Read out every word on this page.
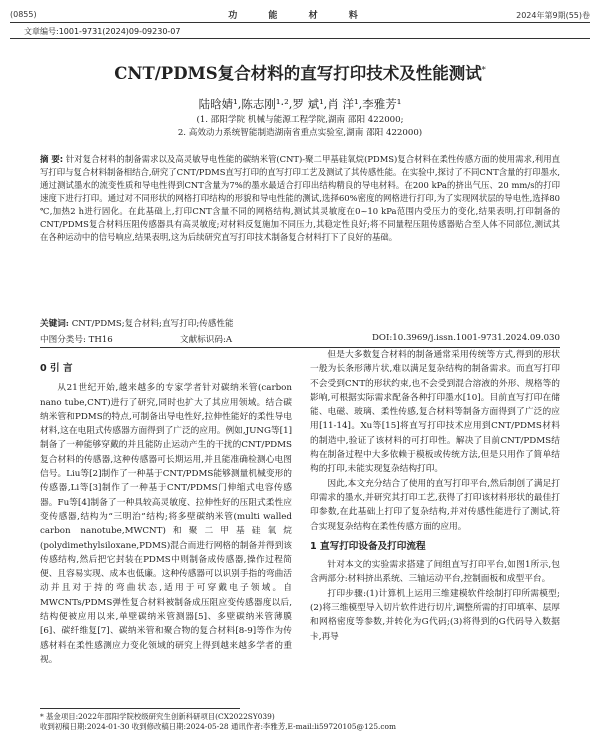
(0855)	功 能 材 料	2024年第9期(55)卷
文章编号:1001-9731(2024)09-09230-07
CNT/PDMS复合材料的直写打印技术及性能测试*
陆晗婧¹,陈志刚¹·²,罗 斌¹,肖 洋¹,李雅芳¹
(1. 邵阳学院 机械与能源工程学院,湖南 邵阳 422000;
2. 高效动力系统智能制造湖南省重点实验室,湖南 邵阳 422000)
摘 要: 针对复合材料的制备需求以及高灵敏导电性能的碳纳米管(CNT)-聚二甲基硅氧烷(PDMS)复合材料在柔性传感方面的使用需求,利用直写打印与复合材料制备相结合,研究了CNT/PDMS直写打印的直写打印工艺及测试了其传感性能。在实验中,探讨了不同CNT含量的打印墨水,通过测试墨水的流变性质和导电性得到CNT含量为7%的墨水最适合打印出结构精良的导电材料。在200 kPa的挤出气压、20 mm/s的打印速度下进行打印。通过对不同形状的网格打印结构的形貌和导电性能的测试,选择60%密度的网格进行打印,为了实现网状层的导电性,选择80 ℃,加热2 h进行固化。在此基础上,打印CNT含量不同的网格结构,测试其灵敏度在0~10 kPa范围内受压力的变化,结果表明,打印制备的CNT/PDMS复合材料压阻传感器具有高灵敏度;对材料反复施加不同压力,其稳定性良好;将不同量程压阻传感器贴合至人体不同部位,测试其在各种运动中的信号响应,结果表明,这为后续研究直写打印技术制备复合材料打下了良好的基础。
关键词: CNT/PDMS;复合材料;直写打印;传感性能
中图分类号: TH16	文献标识码:A	DOI:10.3969/j.issn.1001-9731.2024.09.030
0 引 言

从21世纪开始,越来越多的专家学者针对碳纳米管(carbon nano tube,CNT)进行了研究,同时也扩大了其应用领域。结合碳纳米管和PDMS的特点,可制备出导电性好,拉伸性能好的柔性导电材料,这在电阻式传感器方面得到了广泛的应用。例如,JUNG等[1]制备了一种能够穿戴的并且能防止运动产生的干扰的CNT/PDMS复合材料的传感器,这种传感器可长期运用,并且能准确检测心电图信号。Liu等[2]制作了一种基于CNT/PDMS能够测量机械变形的传感器,Li等[3]制作了一种基于CNT/PDMS门伸缩式电容传感器。Fu等[4]制备了一种具较高灵敏度、拉伸性好的压阻式柔性应变传感器,结构为“三明治”结构;将多壁碳纳米管(multi walled carbon nanotube,MWCNT)和聚二甲基硅氧烷(polydimethylsiloxane,PDMS)混合而进行网格的制备并得到该传感结构,然后把它封装在PDMS中则制备成传感器,操作过程简便、且容易实现、成本也低廉。这种传感器可以识别手指的弯曲活动并且对于持的弯曲状态,适用于可穿戴电子领域。自MWCNTs/PDMS弹性复合材料被制备成压阻应变传感器度以后,结构便被应用以来,单壁碳纳米管测器[5]、多壁碳纳米管薄膜[6]、碳纤维复[7]、碳纳米管和聚合物的复合材料[8-9]等作为传感材料在柔性感测应力变化领域的研究上得到越来越多学者的重视。

但是大多数复合材料的制备通常采用传统等方式,得到的形状一般为长条形薄片状,难以满足复杂结构的制备需求。而直写打印不会受到CNT的形状约束,也不会受到混合溶液的外形、规格等的影响,可根据实际需求配备各种打印墨水[10]。目前直写打印在储能、电磁、玻璃、柔性传感,复合材料等制备方面得到了广泛的应用[11-14]。Xu等[15]将直写打印技术应用到CNT/PDMS材料的制造中,验证了该材料的可打印性。解决了目前CNT/PDMS结构在制备过程中大多依赖于模板或传统方法,但是只用作了简单结构的打印,未能实现复杂结构打印。

因此,本文充分结合了使用的直写打印平台,然后制创了满足打印需求的墨水,并研究其打印工艺,获得了打印该材料形状的最佳打印参数,在此基础上打印了复杂结构,并对传感性能进行了测试,符合实现复杂结构在柔性传感方面的应用。

1 直写打印设备及打印流程

针对本文的实验需求搭建了间组直写打印平台,如图1所示,包含两部分:材料挤出系统、三轴运动平台,控制面板和成型平台。

打印步骤:(1)计算机上运用三维建模软件绘制打印所需模型;(2)将三维模型导入切片软件进行切片,调整所需的打印填率、层厚和网格密度等参数,并转化为G代码;(3)将得到的G代码导入数据卡,再导

* 基金项目:2022年邵阳学院校级研究生创新科研项目(CX2022SY039)
收到初稿日期:2024-01-30 收到修改稿日期:2024-05-28 通讯作者:李雅芳,E-mail:li59720105@125.com
